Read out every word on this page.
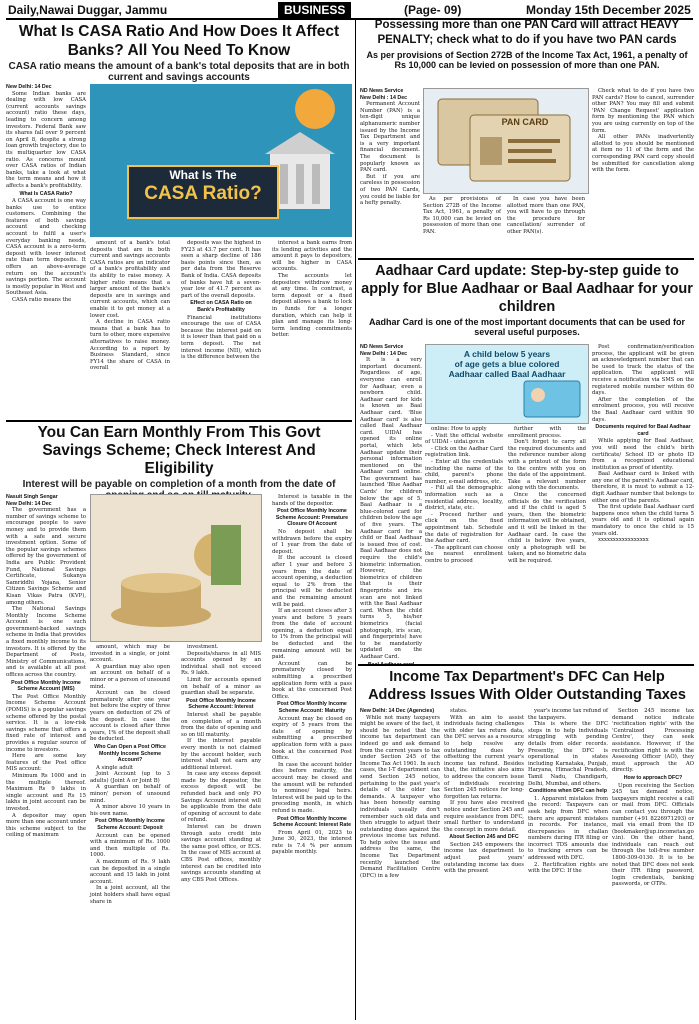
Daily,Nawai Duggar, Jammu	BUSINESS	(Page- 09)	Monday 15th December 2025

What Is CASA Ratio And How Does It Affect Banks? All You Need To Know

CASA ratio means the amount of a bank's total deposits that are in both current and savings accounts

New Delhi: 14 Dec

Some Indian banks are dealing with low CASA (current accounts savings account) ratio these days, leading to concern among investors. Federal Bank saw its shares fall over 9 percent on April 8, despite a strong loan growth trajectory, due to its multiquarter low CASA ratio. As concerns mount over CASA ratios of Indian banks, take a look at what the term means and how it affects a bank's profitability.

What Is CASA Ratio?

A CASA account is one way banks use to entice customers. Combining the features of both savings account and checking account to fulfil a user's everyday banking needs, CASA account is a zero-term deposit with lower interest rate than term deposits. It offers an above-average return on the account's savings portion. The account is mostly popular in West and Southeast Asia.

CASA ratio means the

What Is The
CASA Ratio?

amount of a bank's total deposits that are in both current and savings accounts CASA ratios are an indicator of a bank's profitability and its ability to raise money. A higher ratio means that a larger amount of the bank's deposits are in savings and current accounts, which can enable it to get money at a lower cost.

A decline in CASA ratio means that a bank has to turn to other, more expensive alternatives to raise money. According to a report by Business Standard, since FY14 the share of CASA in overall

deposits was the highest in FY23 at 43.7 per cent. It has seen a sharp decline of 186 basis points since then, as per data from the Reserve Bank of India. CASA deposits of banks have hit a seven-year low of 41.7 percent as part of the overall deposits.

Effect on CASA Ratio on Bank's Profitability

Financial institutions encourage the use of CASA because the interest paid on it is lower than that paid on a term deposit. The net interest income (NII), which is the difference between the

interest a bank earns from its lending activities and the amount it pays to depositors, will be higher in CASA accounts.

The accounts let depositors withdraw money at any time. In contrast, a term deposit or a fixed deposit allows a bank to lock in funds for a longer duration, which can help it plan and manage its long-term lending commitments better.

Possessing more than one PAN Card will attract HEAVY PENALTY; check what to do if you have two PAN cards

As per provisions of Section 272B of the Income Tax Act, 1961, a penalty of Rs 10,000 can be levied on possession of more than one PAN.

ND News Service

New Delhi : 14 Dec

Permanent Account Number (PAN) is a ten-digit unique alphanumeric number issued by the Income Tax Department and is a very important financial document. The document is popularly known as PAN card.

But if you are careless in possession of two PAN Cards, you could be liable for a hefty penalty.

PAN CARD

As per provisions of Section 272B of the Income Tax Act, 1961, a penalty of Rs 10,000 can be levied on possession of more than one PAN.

In case you have been allotted more than one PAN, you will have to go through the procedure for cancellation/ surrender of other PAN(s).

Check what to do if you have two PAN cards? How to cancel, surrender other PAN? You may fill and submit 'PAN Change Request' application form by mentioning the PAN which you are using currently on top of the form.

All other PANs inadvertently allotted to you should be mentioned at item no 11 of the form and the corresponding PAN card copy should be submitted for cancellation along with the form.

Aadhaar Card update: Step-by-step guide to apply for Blue Aadhaar or Baal Aadhaar for your children

Aadhar Card is one of the most important documents that can be used for several useful purposes.

ND News Service

New Delhi : 14 Dec

It is a very important document. Regardless of age, everyone can enroll for Aadhaar, even a newborn child. Aadhaar card for kids is known as Baal Aadhaar card. 'Blue Aadhaar card' is also called Baal Aadhaar card. UIDAI has opened its online portal, which lets Aadhaar update their personal information mentioned on the Aadhaar card online. The government has launched 'Blue Aadhar Cards' for children below the age of 5. Baal Aadhaar is a blue-colored card for children below the age of five years. The Aadhaar card for a child or Baal Aadhaar is issued free of cost. Baal Aadhaar does not require the child's biometric information. However, the biometrics of children that is their fingerprints and iris scan are not linked with the Baal Aadhaar card. When the child turns 5, his/her biometrics (facial photograph, iris scan, and fingerprints) have to be mandatorily updated on the Aadhaar Card.

A child below 5 years
of age gets a blue colored
Aadhaar called Baal Aadhaar

online: How to apply

- Visit the official website of UIDAI - uidai.gov.in

- Click on the Aadhar Card registration link.

- Enter all the credentials including the name of the child, parent's phone number, e-mail address, etc.

- Fill all the demographic information such as a residential address, locality, district, state, etc.

- Proceed further and click on the fixed appointment tab. Schedule the date of registration for the Aadhar card.

- The applicant can choose the nearest enrollment centre to proceed

further with the enrollment process.

Don't forget to carry all the required documents and the reference number along with a printout of the form to the centre with you on the date of the appointment. Take a relevant number along with the documents.

Once the concerned officials do the verification and if the child is aged 5 years, then the biometric information will be obtained, and it will be linked in the Aadhaar card. In case the child is below five years, only a photograph will be taken, and no biometric data will be required.

Post confirmation/verification process, the applicant will be given an acknowledgment number that can be used to track the status of the application. The applicant will receive a notification via SMS on the registered mobile number within 60 days.

After the completion of the enrolment process, you will receive the Baal Aadhaar card within 90 days.

Documents required for Baal Aadhaar card

While applying for Baal Aadhaar, you will need the child's birth certificate/ School ID or photo ID from a recognized educational institution as proof of identity.

Baal Aadhaar card is linked with any one of the parent's Aadhaar card, therefore, it is must to submit a 12-digit Aadhaar number that belongs to either one of the parents.

The first update Baal Aadhaar card happens once when the child turns 5 years old and it is optional again mandatory to once the child is 15 years old.

xxxxxxxxxxxxxxxxx

You Can Earn Monthly From This Govt Savings Scheme; Check Interest And Eligibility

Interest will be payable on completion of a month from the date of

Nasuit Singh Sengar

New Delhi: 14 Dec

The government has a number of savings scheme to encourage people to save money and to provide them with a safe and secure investment option. Some of the popular savings schemes offered by the government of India are Public Provident Fund, National Savings Certificate, Sukanya Samriddhi Yojana, Senior Citizen Savings Scheme and Kisan Vikas Patra (KVP), among others.

The National Savings Monthly Income Scheme Account is one such government-backed savings scheme in India that provides a fixed monthly income to its investors. It is offered by the Department of Posts, Ministry of Communications, and is available at all post offices across the country.

Post Office Monthly Income Scheme Account (MIS)

The Post Office Monthly Income Scheme Account (POMIS) is a popular savings scheme offered by the postal service. It is a low-risk savings scheme that offers a fixed rate of interest and provides a regular source of income to investors.

Here are some key features of the Post office MIS account:

Minimum Rs 1000 and in the multiple thereof. Maximum Rs 9 lakhs in single account and Rs 15 lakhs in joint account can be invested.

A depositor may open more than one account under this scheme subject to the ceiling of maximum

amount, which may be invested in a single, or joint account.

A guardian may also open an account on behalf of a minor or a person of unsound mind.

Account can be closed prematurely after one year but before the expiry of three years on deduction of 2% of the deposit. In case the account is closed after three years, 1% of the deposit shall be deducted.

Who Can Open a Post Office Monthly Income Scheme Account?

A single adult

Joint Account (up to 3 adults) (Joint A or Joint B)

A guardian on behalf of minor/ person of unsound mind.

A minor above 10 years in his own name.

Post Office Monthly Income Scheme Account: Deposit

Account can be opened with a minimum of Rs. 1000 and then multiple of Rs. 1000.

A maximum of Rs. 9 lakh can be deposited in a single account and 15 lakh in joint account.

In a joint account, all the joint holders shall have equal share in

investment.

Deposits/shares in all MIS accounts opened by an individual shall not exceed Rs. 9 lakh.

Limit for accounts opened on behalf of a minor as guardian shall be separate.

Post Office Monthly Income Scheme Account: Interest

Interest shall be payable on completion of a month from the date of opening and so on till maturity.

If the interest payable every month is not claimed by the account holder, such interest shall not earn any additional interest.

In case any excess deposit made by the depositor, the excess deposit will be refunded back and only PO Savings Account interest will be applicable from the date of opening of account to date of refund.

Interest can be drawn through auto credit into savings account standing at the same post office, or ECS. In the case of MIS account at CBS Post offices, monthly interest can be credited into savings accounts standing at any CBS Post Offices.

Interest is taxable in the hands of the depositor.

Post Office Monthly Income Scheme Account: Premature Closure Of Account

No deposit shall be withdrawn before the expiry of 1 year from the date of deposit.

If the account is closed after 1 year and before 3 years from the date of account opening, a deduction equal to 2% from the principal will be deducted and the remaining amount will be paid.

If an account closes after 3 years and before 5 years from the date of account opening, a deduction equal to 1% from the principal will be deducted and the remaining amount will be paid.

Account can be prematurely closed by submitting a prescribed application form with a pass book at the concerned Post Office.

Post Office Monthly Income Scheme Account: Maturity

Account may be closed on expiry of 5 years from the date of opening by submitting a prescribed application form with a pass book at the concerned Post Office.

In case the account holder dies before maturity, the account may be closed and the amount will be refunded to nominee/ legal heirs. Interest will be paid up to the preceding month, in which refund is made.

Post Office Monthly Income Scheme Account: Interest Rate

From April 01, 2023 to June 30, 2023, the interest rate is 7.4 % per annum payable monthly.

Income Tax Department's DFC Can Help Address Issues With Older Outstanding Taxes

New Delhi: 14 Dec (Agencies)

While not many taxpayers might be aware of the fact, it should be noted that the income tax department can indeed go and ask demand from the current years to tax under Section 245 of the Income Tax Act 1961. In such cases, the I-T department can send Section 245 notice, pertaining to the past year's details of the older tax demands. A taxpayer who has been honestly earning individuals usually don't remember such old data and then struggle to adjust their outstanding dues against the previous income tax refund. To help solve the issue and address the same, the Income Tax Department recently launched the Demand Facilitation Centre (DFC) in a few

states.

With an aim to assist individuals facing challenges with older tax return data, the DFC serves as a resource to help resolve any outstanding dues by offsetting the current year's income tax refund. Besides that, the initiative also aims to address the concern issue of individuals receiving Section 245 notices for long-forgotten tax returns.

If you have also received notice under Section 245 and require assistance from DFC, small further to understand the concept in more detail.

About Section 245 and DFC

Section 245 empowers the income tax department to adjust past years' outstanding income tax dues with the present

year's income tax refund of the taxpayers.

This is where the DFC steps in to help individuals struggling with pending details from older records. Presently, the DFC is operational in states including Karnataka, Punjab, Haryana, Himachal Pradesh, Tamil Nadu, Chandigarh, Delhi, Mumbai, and others.

Conditions when DFC can help

1. Apparent mistakes from the record: Taxpayers can seek help from DFC when there are apparent mistakes in records. For instance, discrepancies in challan numbers during ITR filing or incorrect TDS amounts due to tracking errors can be addressed with DFC.

2. Rectification rights are with the DFC: If the

Section 245 income tax demand notice indicate 'rectification rights' with the 'Centralized Processing Centre', they can seek assistance. However, if the rectification right is with the Assessing Officer (AO), they must approach the AO directly.

How to approach DFC?

Upon receiving the Section 245 tax demand notice, taxpayers might receive a call or mail from DFC. Officials can contact you through the number (+91 8226971293) or mail via email from the ID (bookmaker@up.incometax.gov.in). On the other hand, individuals can reach out through the toll-free number 1800-309-0130. It is to be noted that DFC does not seek their ITR filing password, login credentials, banking passwords, or OTPs.
